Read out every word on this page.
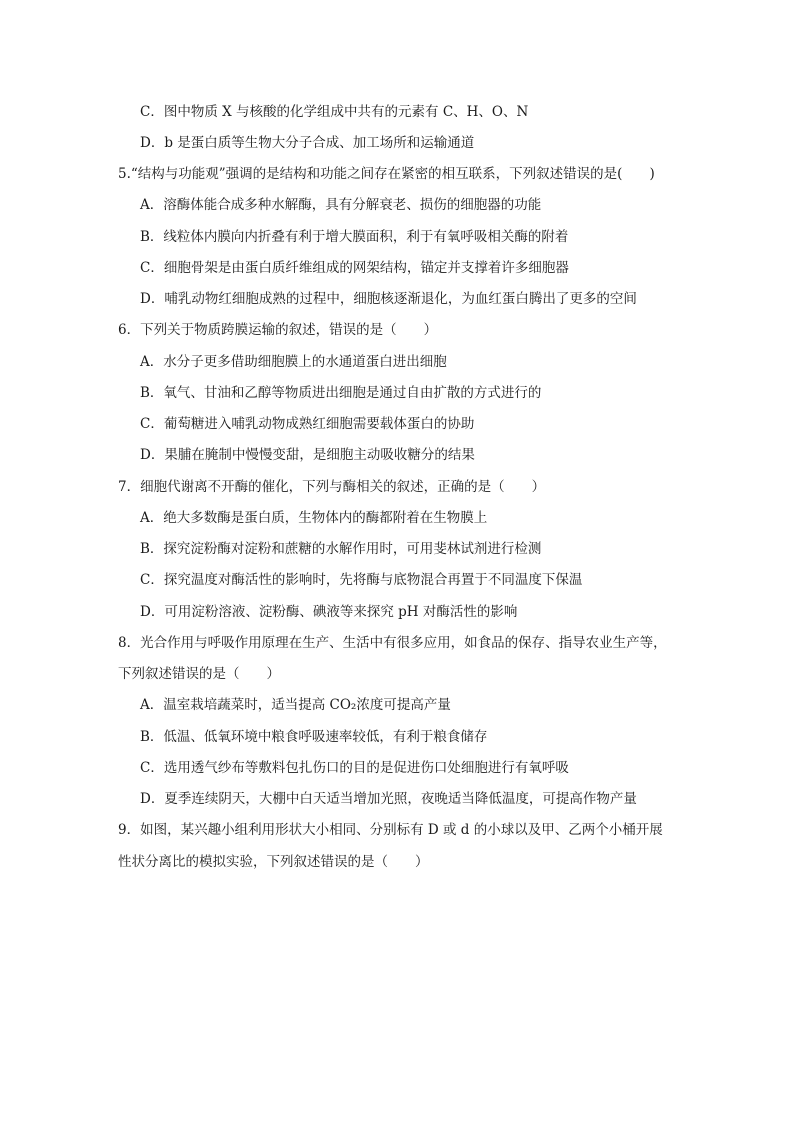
C．图中物质 X 与核酸的化学组成中共有的元素有 C、H、O、N
D．b 是蛋白质等生物大分子合成、加工场所和运输通道
5.“结构与功能观”强调的是结构和功能之间存在紧密的相互联系，下列叙述错误的是(　　)
A．溶酶体能合成多种水解酶，具有分解衰老、损伤的细胞器的功能
B．线粒体内膜向内折叠有利于增大膜面积，利于有氧呼吸相关酶的附着
C．细胞骨架是由蛋白质纤维组成的网架结构，锚定并支撑着许多细胞器
D．哺乳动物红细胞成熟的过程中，细胞核逐渐退化，为血红蛋白腾出了更多的空间
6．下列关于物质跨膜运输的叙述，错误的是（　　）
A．水分子更多借助细胞膜上的水通道蛋白进出细胞
B．氧气、甘油和乙醇等物质进出细胞是通过自由扩散的方式进行的
C．葡萄糖进入哺乳动物成熟红细胞需要载体蛋白的协助
D．果脯在腌制中慢慢变甜，是细胞主动吸收糖分的结果
7．细胞代谢离不开酶的催化，下列与酶相关的叙述，正确的是（　　）
A．绝大多数酶是蛋白质，生物体内的酶都附着在生物膜上
B．探究淀粉酶对淀粉和蔗糖的水解作用时，可用斐林试剂进行检测
C．探究温度对酶活性的影响时，先将酶与底物混合再置于不同温度下保温
D．可用淀粉溶液、淀粉酶、碘液等来探究 pH 对酶活性的影响
8．光合作用与呼吸作用原理在生产、生活中有很多应用，如食品的保存、指导农业生产等，
下列叙述错误的是（　　）
A．温室栽培蔬菜时，适当提高 CO₂浓度可提高产量
B．低温、低氧环境中粮食呼吸速率较低，有利于粮食储存
C．选用透气纱布等敷料包扎伤口的目的是促进伤口处细胞进行有氧呼吸
D．夏季连续阴天，大棚中白天适当增加光照，夜晚适当降低温度，可提高作物产量
9．如图，某兴趣小组利用形状大小相同、分别标有 D 或 d 的小球以及甲、乙两个小桶开展
性状分离比的模拟实验，下列叙述错误的是（　　）
